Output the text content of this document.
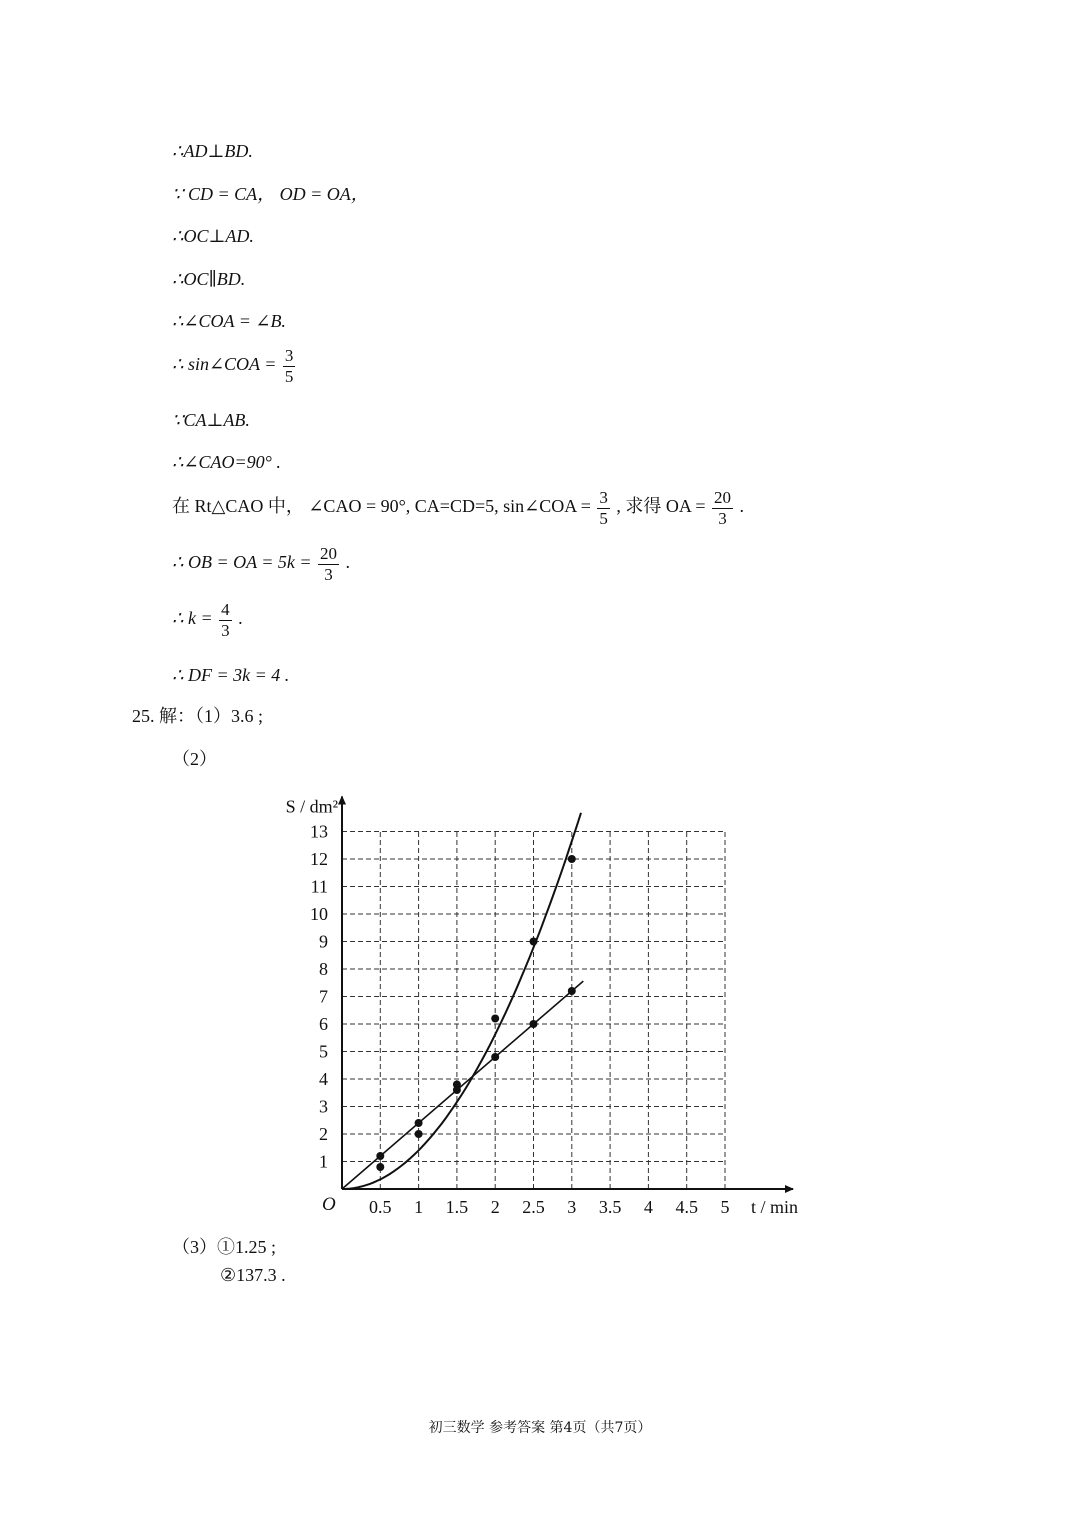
∴AD⊥BD.
∵ CD = CA， OD = OA，
∴OC⊥AD.
∴OC∥BD.
∴∠COA = ∠B.
∴ sin∠COA = $\frac{3}{5}$
∵CA⊥AB.
∴∠CAO=90° .
在 Rt△CAO 中， ∠CAO = 90°, CA=CD=5, sin∠COA = $\frac{3}{5}$ , 求得 OA = $\frac{20}{3}$ .
∴ OB = OA = $5k = \frac{20}{3}$ .
∴ $k = \frac{4}{3}$ .
∴ DF = 3k = 4 .
25. 解：（1）3.6 ;
（2）
0.5 1 1.5 2 2.5 3 3.5 4 4.5 5
1
2
3
4
5
6
7
8
9
10
11
12
13
S / dm²
t / min
O
（3）①1.25 ;
②137.3 .
初三数学 参考答案 第4页（共7页）
